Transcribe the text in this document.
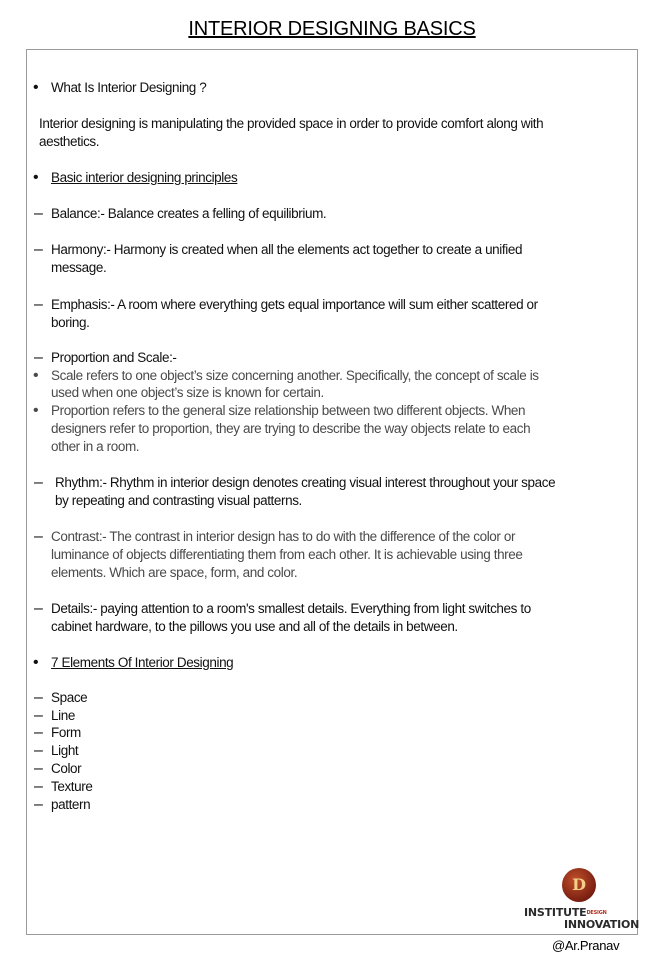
INTERIOR DESIGNING BASICS
• What Is Interior Designing ?
Interior designing is manipulating the provided space in order to provide comfort along with
aesthetics.
• Basic interior designing principles
– Balance:- Balance creates a felling of equilibrium.
– Harmony:- Harmony is created when all the elements act together to create a unified
message.
– Emphasis:- A room where everything gets equal importance will sum either scattered or
boring.
– Proportion and Scale:-
• Scale refers to one object’s size concerning another. Specifically, the concept of scale is
used when one object’s size is known for certain.
• Proportion refers to the general size relationship between two different objects. When
designers refer to proportion, they are trying to describe the way objects relate to each
other in a room.
– Rhythm:- Rhythm in interior design denotes creating visual interest throughout your space
by repeating and contrasting visual patterns.
– Contrast:- The contrast in interior design has to do with the difference of the color or
luminance of objects differentiating them from each other. It is achievable using three
elements. Which are space, form, and color.
– Details:- paying attention to a room's smallest details. Everything from light switches to
cabinet hardware, to the pillows you use and all of the details in between.
• 7 Elements Of Interior Designing
– Space
– Line
– Form
– Light
– Color
– Texture
– pattern
D
INSTITUTEDESIGN
INNOVATION
@Ar.Pranav
